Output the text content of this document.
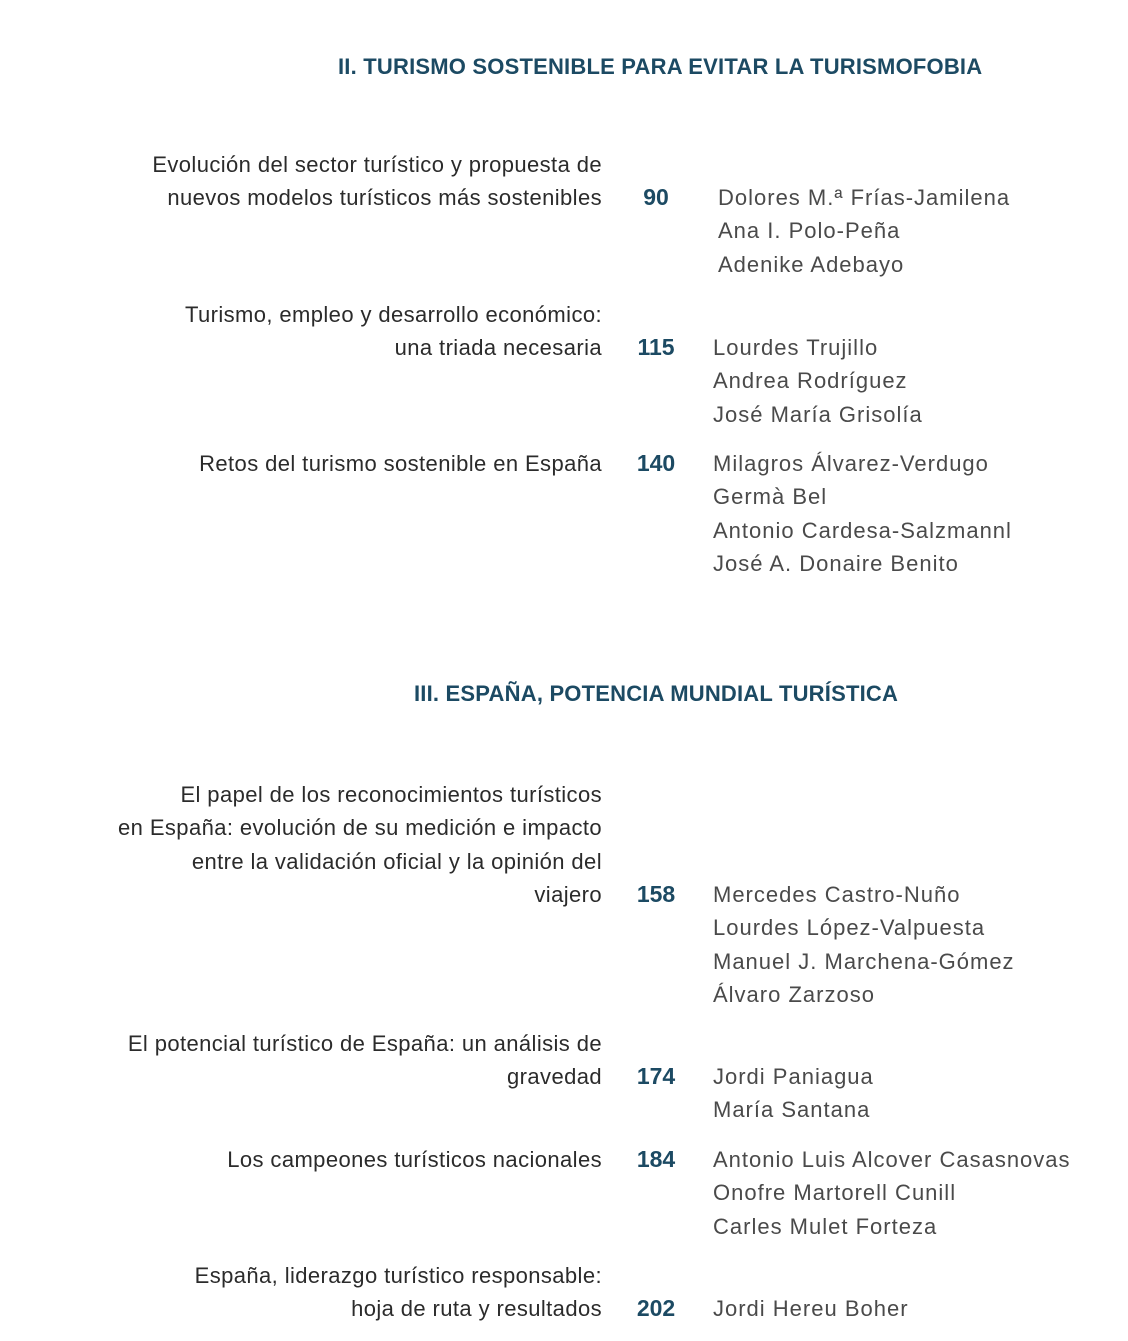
II. TURISMO SOSTENIBLE PARA EVITAR LA TURISMOFOBIA
Evolución del sector turístico y propuesta de
nuevos modelos turísticos más sostenibles	90	Dolores M.ª Frías-Jamilena
Ana I. Polo-Peña
Adenike Adebayo
Turismo, empleo y desarrollo económico:
una triada necesaria	115	Lourdes Trujillo
Andrea Rodríguez
José María Grisolía
Retos del turismo sostenible en España	140	Milagros Álvarez-Verdugo
Germà Bel
Antonio Cardesa-Salzmannl
José A. Donaire Benito
III. ESPAÑA, POTENCIA MUNDIAL TURÍSTICA
El papel de los reconocimientos turísticos
en España: evolución de su medición e impacto
entre la validación oficial y la opinión del
viajero	158	Mercedes Castro-Nuño
Lourdes López-Valpuesta
Manuel J. Marchena-Gómez
Álvaro Zarzoso
El potencial turístico de España: un análisis de
gravedad	174	Jordi Paniagua
María Santana
Los campeones turísticos nacionales	184	Antonio Luis Alcover Casasnovas
Onofre Martorell Cunill
Carles Mulet Forteza
España, liderazgo turístico responsable:
hoja de ruta y resultados	202	Jordi Hereu Boher
